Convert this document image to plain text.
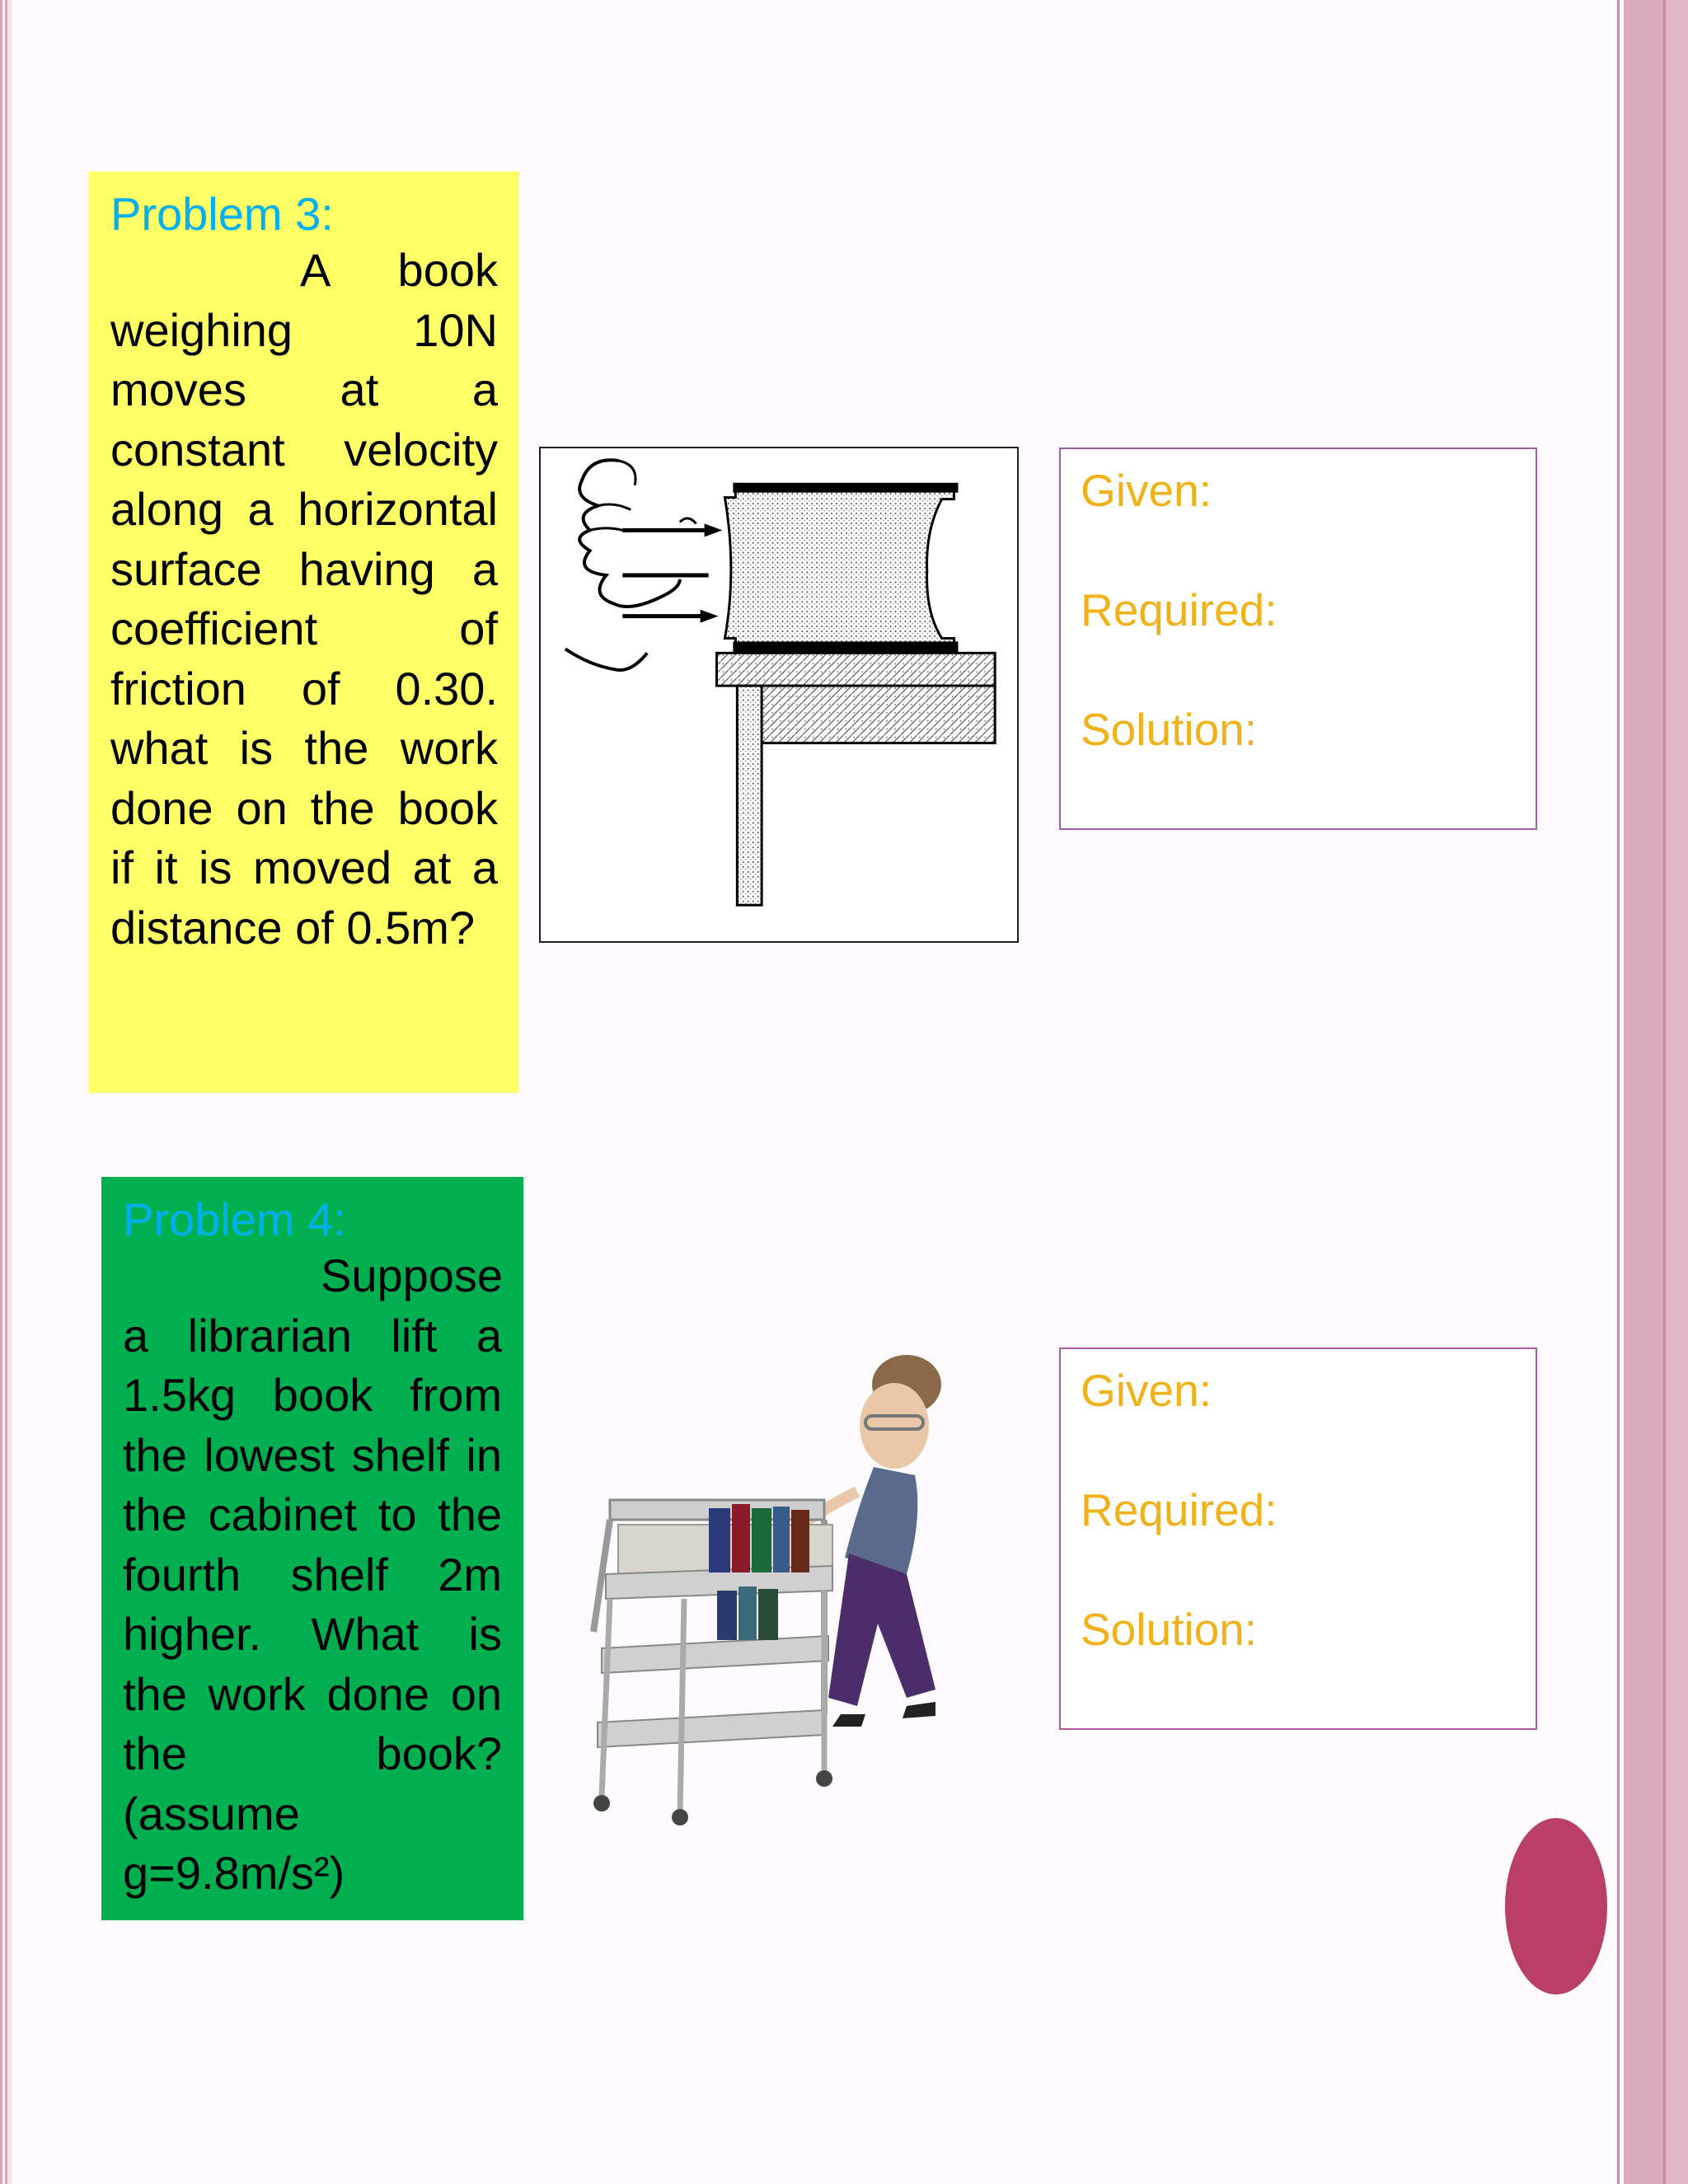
Problem 3:
A book weighing 10N moves at a constant velocity along a horizontal surface having a coefficient of friction of 0.30. what is the work done on the book if it is moved at a distance of 0.5m?
Given:
Required:
Solution:
Problem 4:
Suppose a librarian lift a 1.5kg book from the lowest shelf in the cabinet to the fourth shelf 2m higher. What is the work done on the book? (assume g=9.8m/s²)
Given:
Required:
Solution:
